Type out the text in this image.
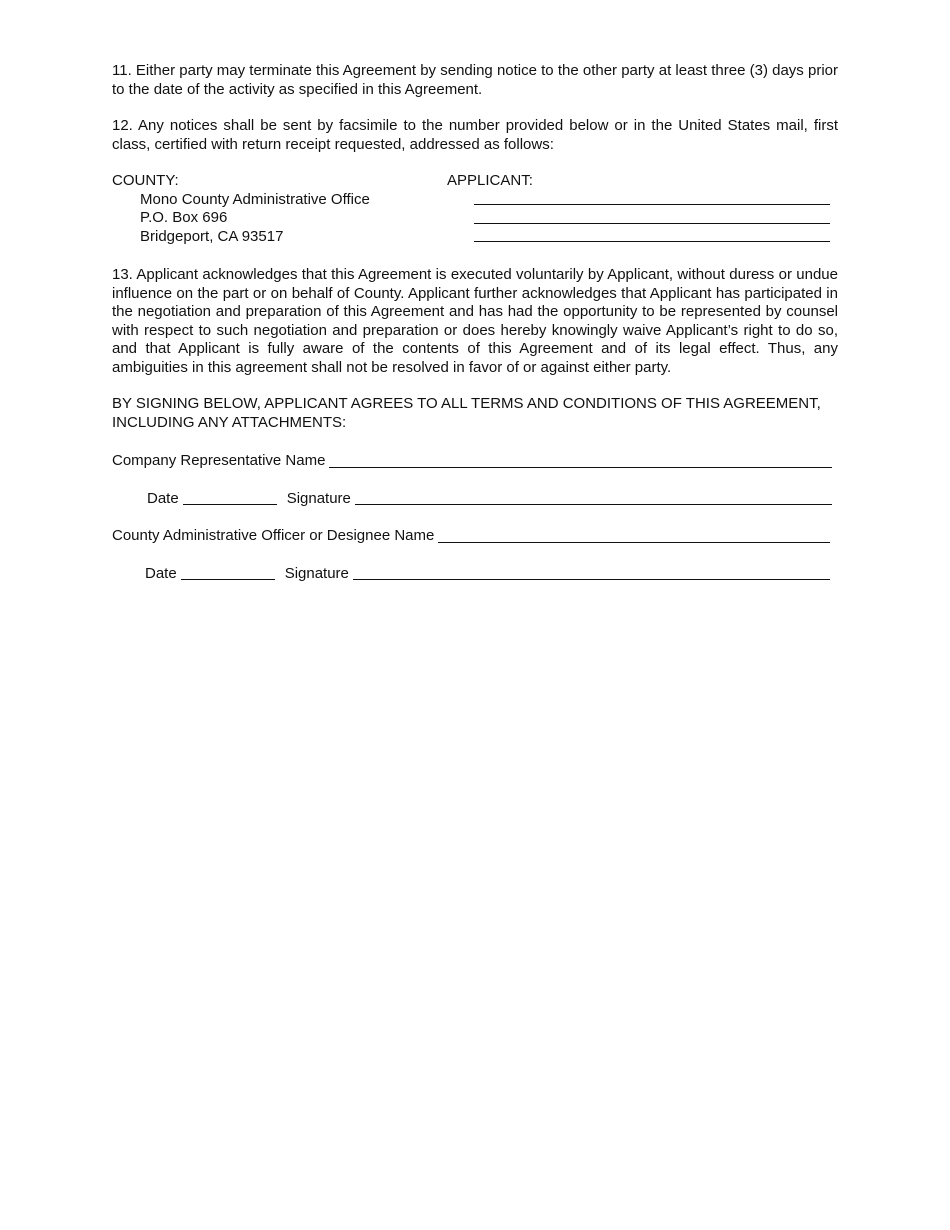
11. Either party may terminate this Agreement by sending notice to the other party at least three (3) days prior to the date of the activity as specified in this Agreement.

12. Any notices shall be sent by facsimile to the number provided below or in the United States mail, first class, certified with return receipt requested, addressed as follows:

COUNTY:
Mono County Administrative Office
P.O. Box 696
Bridgeport, CA 93517
APPLICANT:

13. Applicant acknowledges that this Agreement is executed voluntarily by Applicant, without duress or undue influence on the part or on behalf of County. Applicant further acknowledges that Applicant has participated in the negotiation and preparation of this Agreement and has had the opportunity to be represented by counsel with respect to such negotiation and preparation or does hereby knowingly waive Applicant’s right to do so, and that Applicant is fully aware of the contents of this Agreement and of its legal effect. Thus, any ambiguities in this agreement shall not be resolved in favor of or against either party.

BY SIGNING BELOW, APPLICANT AGREES TO ALL TERMS AND CONDITIONS OF THIS AGREEMENT,
INCLUDING ANY ATTACHMENTS:
Company Representative Name
Date	Signature
County Administrative Officer or Designee Name
Date	Signature
